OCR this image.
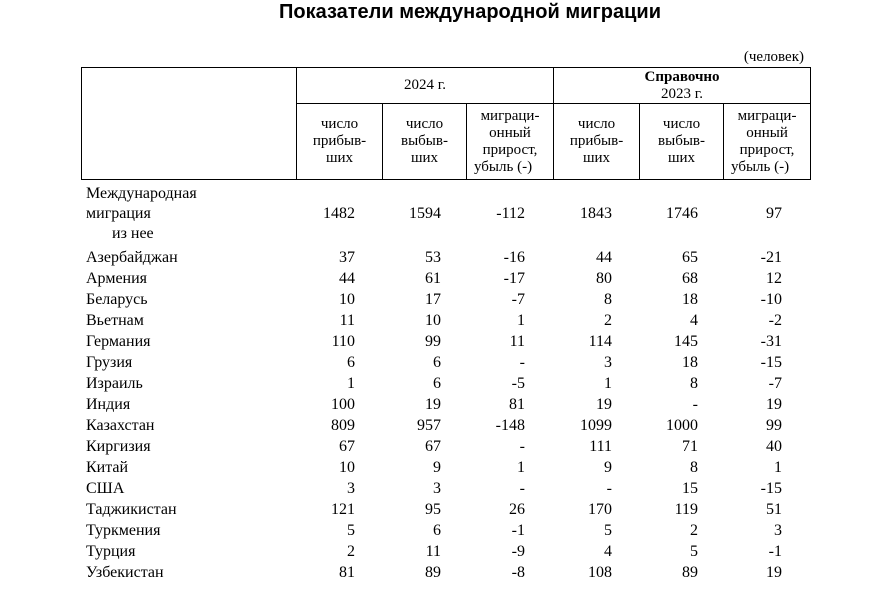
Показатели международной миграции
(человек)
	2024 г.			Справочно
2023 г.		

	число
прибыв-
ших	число
выбыв-
ших	миграци-
онный
прирост,
убыль (-)	число
прибыв-
ших	число
выбыв-
ших	миграци-
онный
прирост,
убыль (-)
Международная
миграция
из нее
1482	1594	-112	1843	1746	97
Азербайджан	37	53	-16	44	65	-21
Армения	44	61	-17	80	68	12
Беларусь	10	17	-7	8	18	-10
Вьетнам	11	10	1	2	4	-2
Германия	110	99	11	114	145	-31
Грузия	6	6	-	3	18	-15
Израиль	1	6	-5	1	8	-7
Индия	100	19	81	19	-	19
Казахстан	809	957	-148	1099	1000	99
Киргизия	67	67	-	111	71	40
Китай	10	9	1	9	8	1
США	3	3	-	-	15	-15
Таджикистан	121	95	26	170	119	51
Туркмения	5	6	-1	5	2	3
Турция	2	11	-9	4	5	-1
Узбекистан	81	89	-8	108	89	19
